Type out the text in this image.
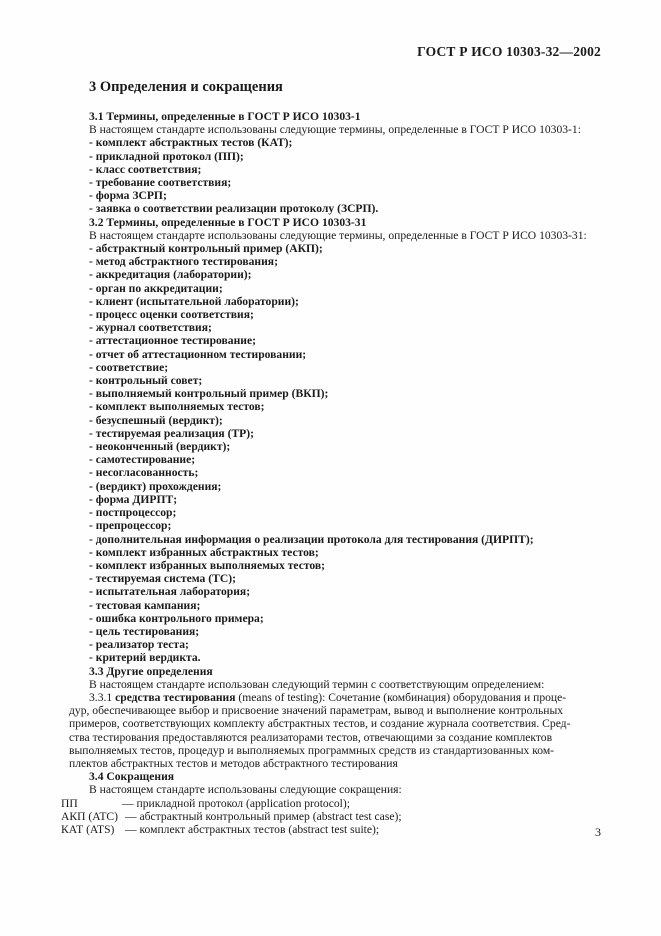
ГОСТ Р ИСО 10303-32—2002
3 Определения и сокращения
3.1 Термины, определенные в ГОСТ Р ИСО 10303-1
В настоящем стандарте использованы следующие термины, определенные в ГОСТ Р ИСО 10303-1:
- комплект абстрактных тестов (КАТ);
- прикладной протокол (ПП);
- класс соответствия;
- требование соответствия;
- форма ЗСРП;
- заявка о соответствии реализации протоколу (ЗСРП).
3.2 Термины, определенные в ГОСТ Р ИСО 10303-31
В настоящем стандарте использованы следующие термины, определенные в ГОСТ Р ИСО 10303-31:
- абстрактный контрольный пример (АКП);
- метод абстрактного тестирования;
- аккредитация (лаборатории);
- орган по аккредитации;
- клиент (испытательной лаборатории);
- процесс оценки соответствия;
- журнал соответствия;
- аттестационное тестирование;
- отчет об аттестационном тестировании;
- соответствие;
- контрольный совет;
- выполняемый контрольный пример (ВКП);
- комплект выполняемых тестов;
- безуспешный (вердикт);
- тестируемая реализация (ТР);
- неоконченный (вердикт);
- самотестирование;
- несогласованность;
- (вердикт) прохождения;
- форма ДИРПТ;
- постпроцессор;
- препроцессор;
- дополнительная информация о реализации протокола для тестирования (ДИРПТ);
- комплект избранных абстрактных тестов;
- комплект избранных выполняемых тестов;
- тестируемая система (ТС);
- испытательная лаборатория;
- тестовая кампания;
- ошибка контрольного примера;
- цель тестирования;
- реализатор теста;
- критерий вердикта.
3.3 Другие определения
В настоящем стандарте использован следующий термин с соответствующим определением:
3.3.1 средства тестирования (means of testing): Сочетание (комбинация) оборудования и проце-
дур, обеспечивающее выбор и присвоение значений параметрам, вывод и выполнение контрольных
примеров, соответствующих комплекту абстрактных тестов, и создание журнала соответствия. Сред-
ства тестирования предоставляются реализаторами тестов, отвечающими за создание комплектов
выполняемых тестов, процедур и выполняемых программных средств из стандартизованных ком-
плектов абстрактных тестов и методов абстрактного тестирования
3.4 Сокращения
В настоящем стандарте использованы следующие сокращения:
ПП	— прикладной протокол (application protocol);
АКП (ATC) — абстрактный контрольный пример (abstract test case);
КАТ (ATS) — комплект абстрактных тестов (abstract test suite);	3
